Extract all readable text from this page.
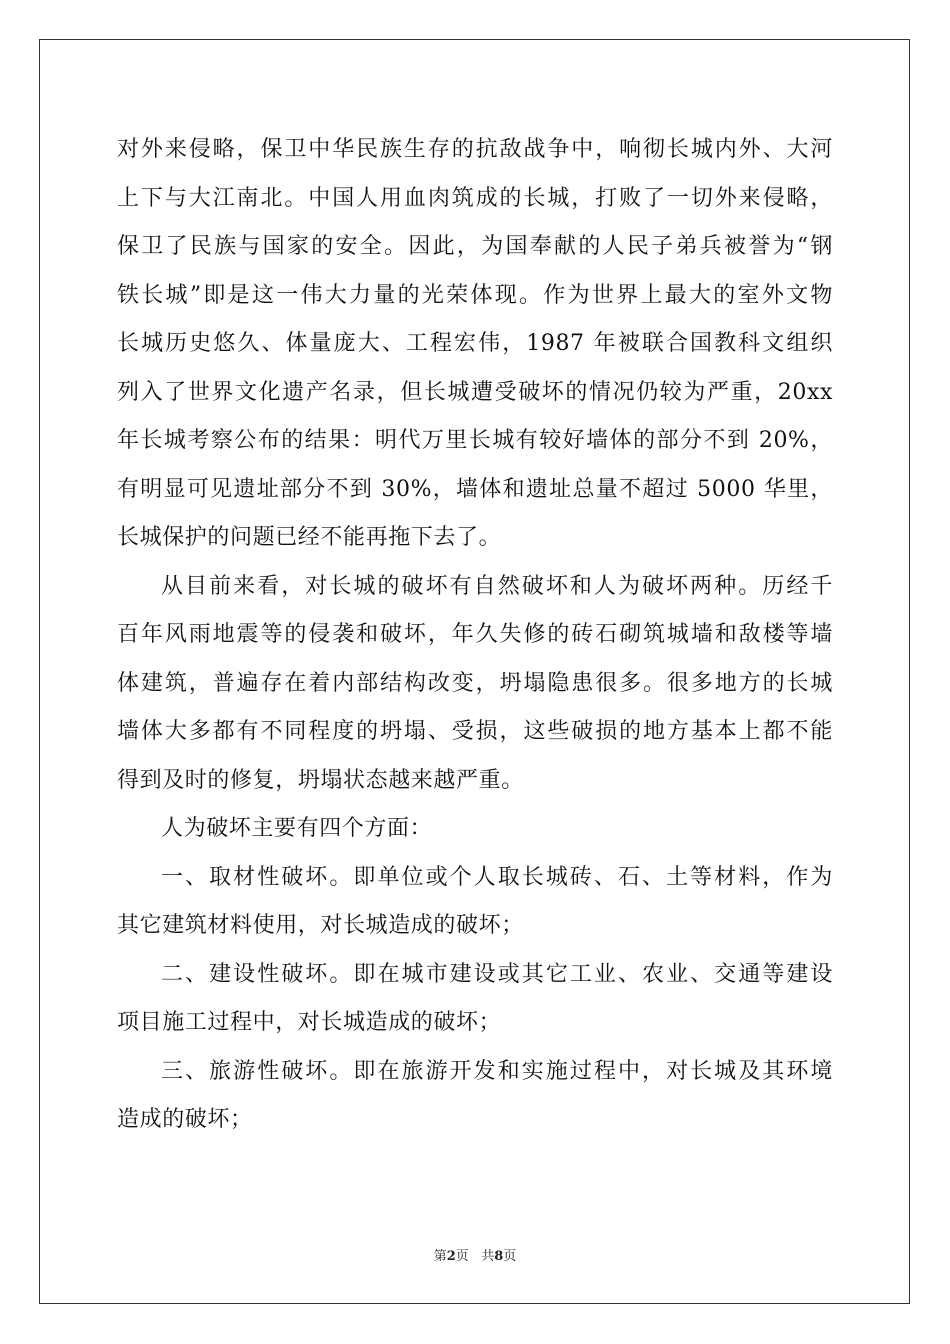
对外来侵略，保卫中华民族生存的抗敌战争中，响彻长城内外、大河
上下与大江南北。中国人用血肉筑成的长城，打败了一切外来侵略，
保卫了民族与国家的安全。因此，为国奉献的人民子弟兵被誉为“钢
铁长城”即是这一伟大力量的光荣体现。作为世界上最大的室外文物
长城历史悠久、体量庞大、工程宏伟，1987 年被联合国教科文组织
列入了世界文化遗产名录，但长城遭受破坏的情况仍较为严重，20xx
年长城考察公布的结果：明代万里长城有较好墙体的部分不到 20%，
有明显可见遗址部分不到 30%，墙体和遗址总量不超过 5000 华里，
长城保护的问题已经不能再拖下去了。
从目前来看，对长城的破坏有自然破坏和人为破坏两种。历经千
百年风雨地震等的侵袭和破坏，年久失修的砖石砌筑城墙和敌楼等墙
体建筑，普遍存在着内部结构改变，坍塌隐患很多。很多地方的长城
墙体大多都有不同程度的坍塌、受损，这些破损的地方基本上都不能
得到及时的修复，坍塌状态越来越严重。
人为破坏主要有四个方面：
一、取材性破坏。即单位或个人取长城砖、石、土等材料，作为
其它建筑材料使用，对长城造成的破坏；
二、建设性破坏。即在城市建设或其它工业、农业、交通等建设
项目施工过程中，对长城造成的破坏；
三、旅游性破坏。即在旅游开发和实施过程中，对长城及其环境
造成的破坏；
第2页 共8页
